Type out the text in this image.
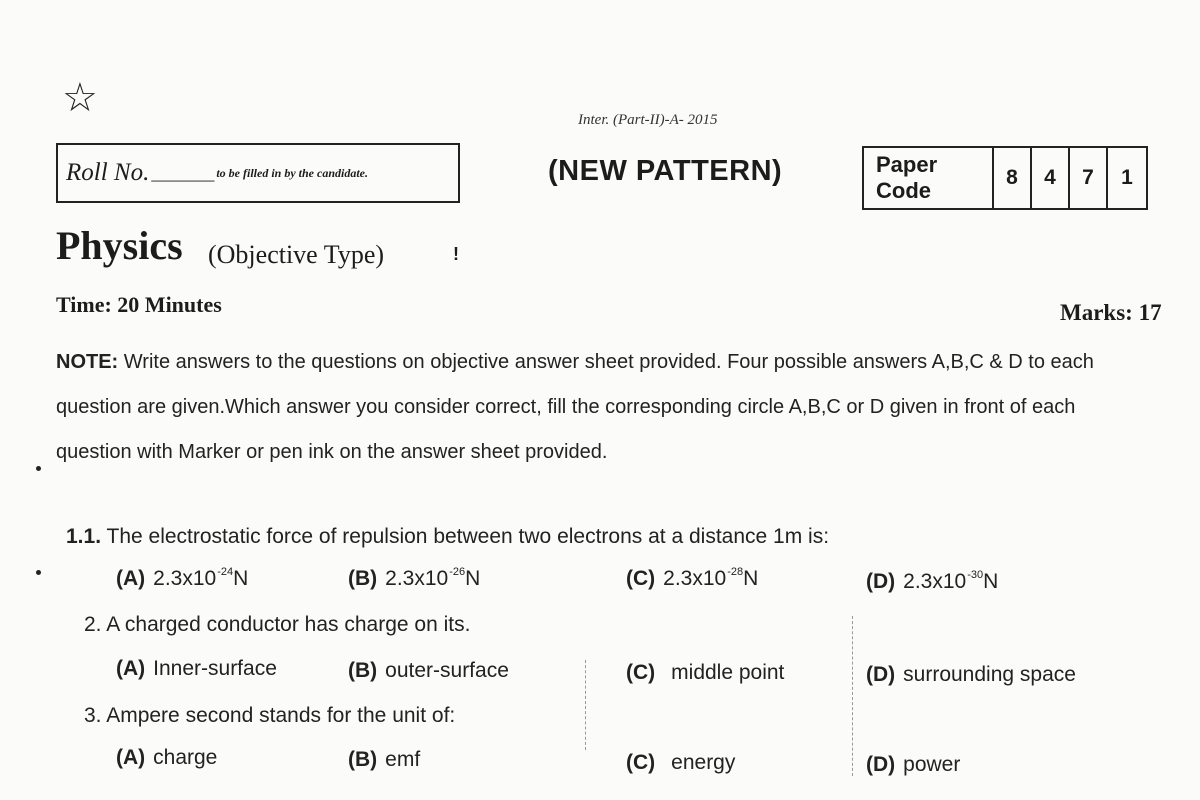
☆	Inter. (Part-II)-A- 2015
Roll No. _______ to be filled in by the candidate.	(NEW PATTERN)	Paper Code
8	4	7	1
Physics (Objective Type)	!
Time: 20 Minutes	Marks: 17
NOTE: Write answers to the questions on objective answer sheet provided. Four possible answers A,B,C & D to each
question are given.Which answer you consider correct, fill the corresponding circle A,B,C or D given in front of each
question with Marker or pen ink on the answer sheet provided.
1.1. The electrostatic force of repulsion between two electrons at a distance 1m is:
(A) $2.3x10^{-24}N$	(B) $2.3x10^{-26}N$	(C) $2.3x10^{-28}N$	(D) $2.3x10^{-30}N$
2. A charged conductor has charge on its.
(A) Inner-surface	(B) outer-surface	(C) middle point	(D) surrounding space
3. Ampere second stands for the unit of:
(A) charge	(B) emf	(C) energy	(D) power
